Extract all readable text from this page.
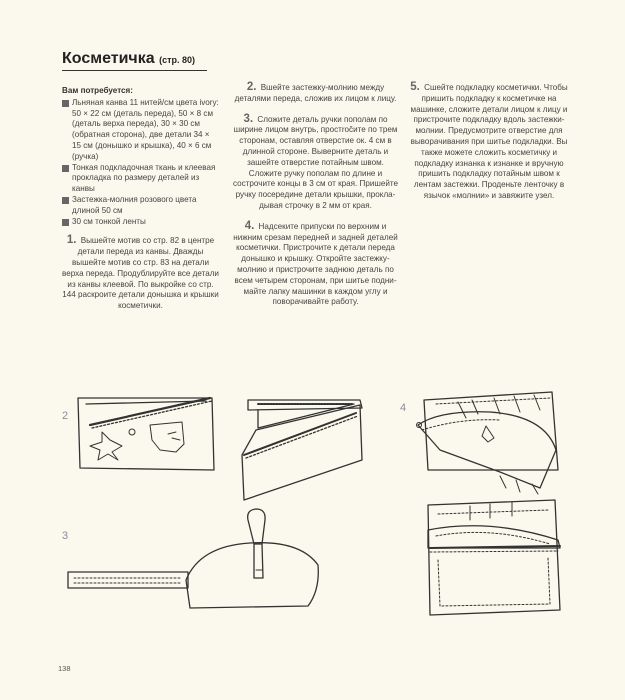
Косметичка (стр. 80)
Вам потребуется:
Льняная канва 11 нитей/см цвета ivory: 50 × 22 см (деталь переда), 50 × 8 см (деталь верха переда), 30 × 30 см (обратная сторона), две детали 34 × 15 см (донышко и крышка), 40 × 6 см (ручка)
Тонкая подкладочная ткань и клеевая прокладка по размеру деталей из канвы
Застежка-молния розового цвета длиной 50 см
30 см тонкой ленты
1. Вышейте мотив со стр. 82 в центре детали переда из канвы. Дважды вышейте мотив со стр. 83 на детали верха переда. Продублируйте все детали из канвы клеевой. По выкройке со стр. 144 раскроите детали донышка и крышки косметички.
2. Вшейте застежку-молнию между деталями переда, сложив их лицом к лицу.
3. Сложите деталь ручки пополам по ширине лицом внутрь, простročите по трем сторонам, оставляя отверстие ок. 4 см в длинной стороне. Выверните деталь и зашейте отверстие потайным швом. Сложите ручку пополам по длине и сострочите концы в 3 см от края. Пришейте ручку посередине детали крышки, прокладывая строчку в 2 мм от края.
4. Надсеките припуски по верхним и нижним срезам передней и задней деталей косметички. Пристрочите к детали переда донышко и крышку. Откройте застежку-молнию и пристрочите заднюю деталь по всем четырем сторонам, при шитье поднимайте лапку машинки в каждом углу и поворачивайте работу.
5. Сшейте подкладку косметички. Чтобы пришить подкладку к косметичке на машинке, сложите детали лицом к лицу и пристрочите подкладку вдоль застежки-молнии. Предусмотрите отверстие для выворачивания при шитье подкладки. Вы также можете сложить косметичку и подкладку изнанка к изнанке и вручную пришить подкладку потайным швом к лентам застежки. Проденьте ленточку в язычок «молнии» и завяжите узел.
2
3
4
138
